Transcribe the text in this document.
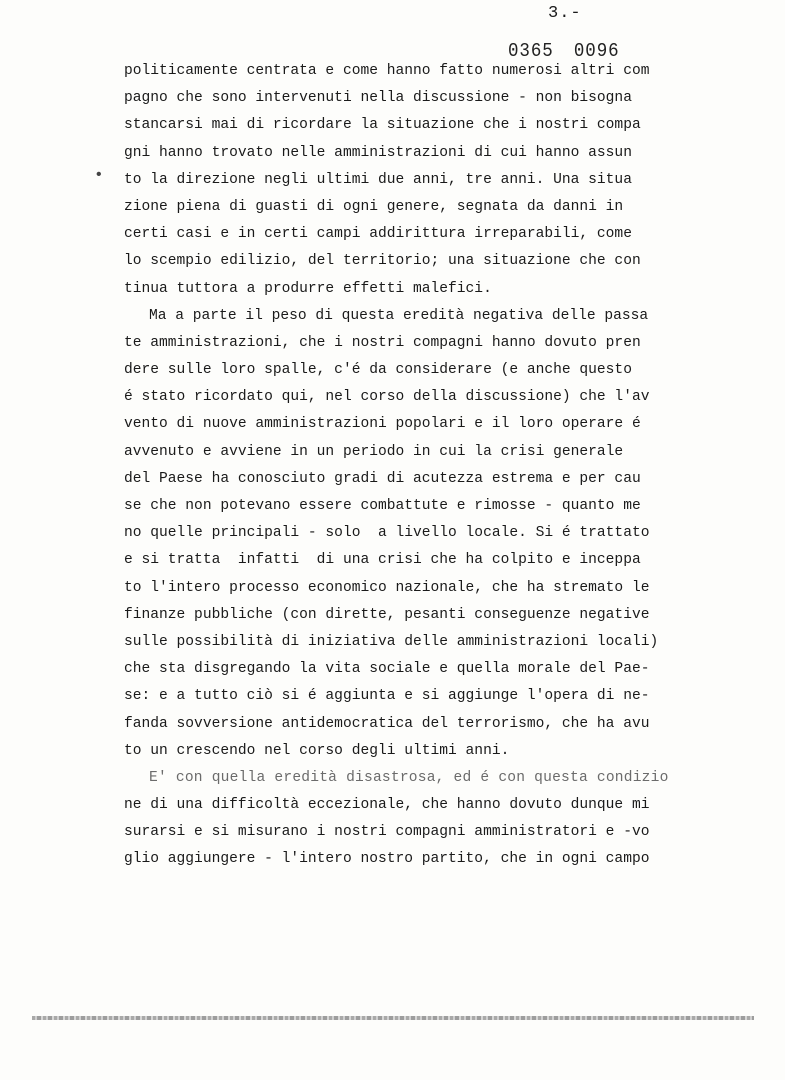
3.-
0365 0096
•
politicamente centrata e come hanno fatto numerosi altri com
pagno che sono intervenuti nella discussione - non bisogna
stancarsi mai di ricordare la situazione che i nostri compa
gni hanno trovato nelle amministrazioni di cui hanno assun
to la direzione negli ultimi due anni, tre anni. Una situa
zione piena di guasti di ogni genere, segnata da danni in
certi casi e in certi campi addirittura irreparabili, come
lo scempio edilizio, del territorio; una situazione che con
tinua tuttora a produrre effetti malefici.
Ma a parte il peso di questa eredità negativa delle passa
te amministrazioni, che i nostri compagni hanno dovuto pren
dere sulle loro spalle, c'é da considerare (e anche questo
é stato ricordato qui, nel corso della discussione) che l'av
vento di nuove amministrazioni popolari e il loro operare é
avvenuto e avviene in un periodo in cui la crisi generale
del Paese ha conosciuto gradi di acutezza estrema e per cau
se che non potevano essere combattute e rimosse - quanto me
no quelle principali - solo  a livello locale. Si é trattato
e si tratta  infatti  di una crisi che ha colpito e inceppa
to l'intero processo economico nazionale, che ha stremato le
finanze pubbliche (con dirette, pesanti conseguenze negative
sulle possibilità di iniziativa delle amministrazioni locali)
che sta disgregando la vita sociale e quella morale del Pae-
se: e a tutto ciò si é aggiunta e si aggiunge l'opera di ne-
fanda sovversione antidemocratica del terrorismo, che ha avu
to un crescendo nel corso degli ultimi anni.
E' con quella eredità disastrosa, ed é con questa condizio
ne di una difficoltà eccezionale, che hanno dovuto dunque mi
surarsi e si misurano i nostri compagni amministratori e -vo
glio aggiungere - l'intero nostro partito, che in ogni campo
